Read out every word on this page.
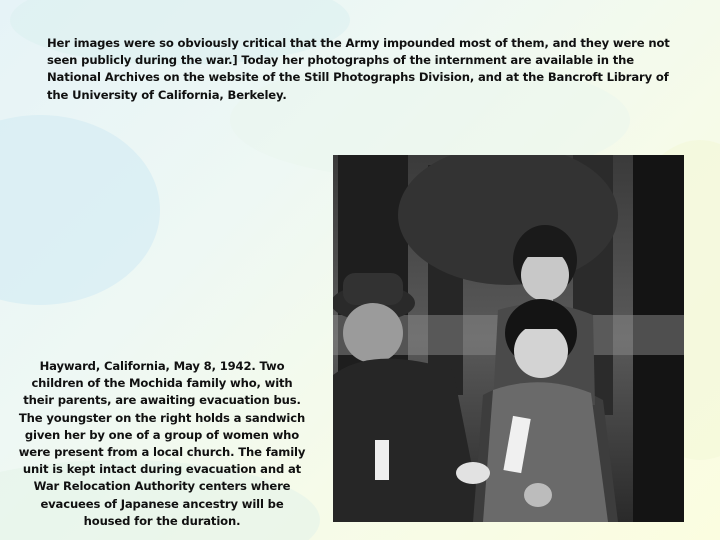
Her images were so obviously critical that the Army impounded most of them, and they were not seen publicly during the war.] Today her photographs of the internment are available in the National Archives on the website of the Still Photographs Division, and at the Bancroft Library of the University of California, Berkeley.

Hayward, California, May 8, 1942. Two children of the Mochida family who, with their parents, are awaiting evacuation bus. The youngster on the right holds a sandwich given her by one of a group of women who were present from a local church. The family unit is kept intact during evacuation and at War Relocation Authority centers where evacuees of Japanese ancestry will be housed for the duration.
